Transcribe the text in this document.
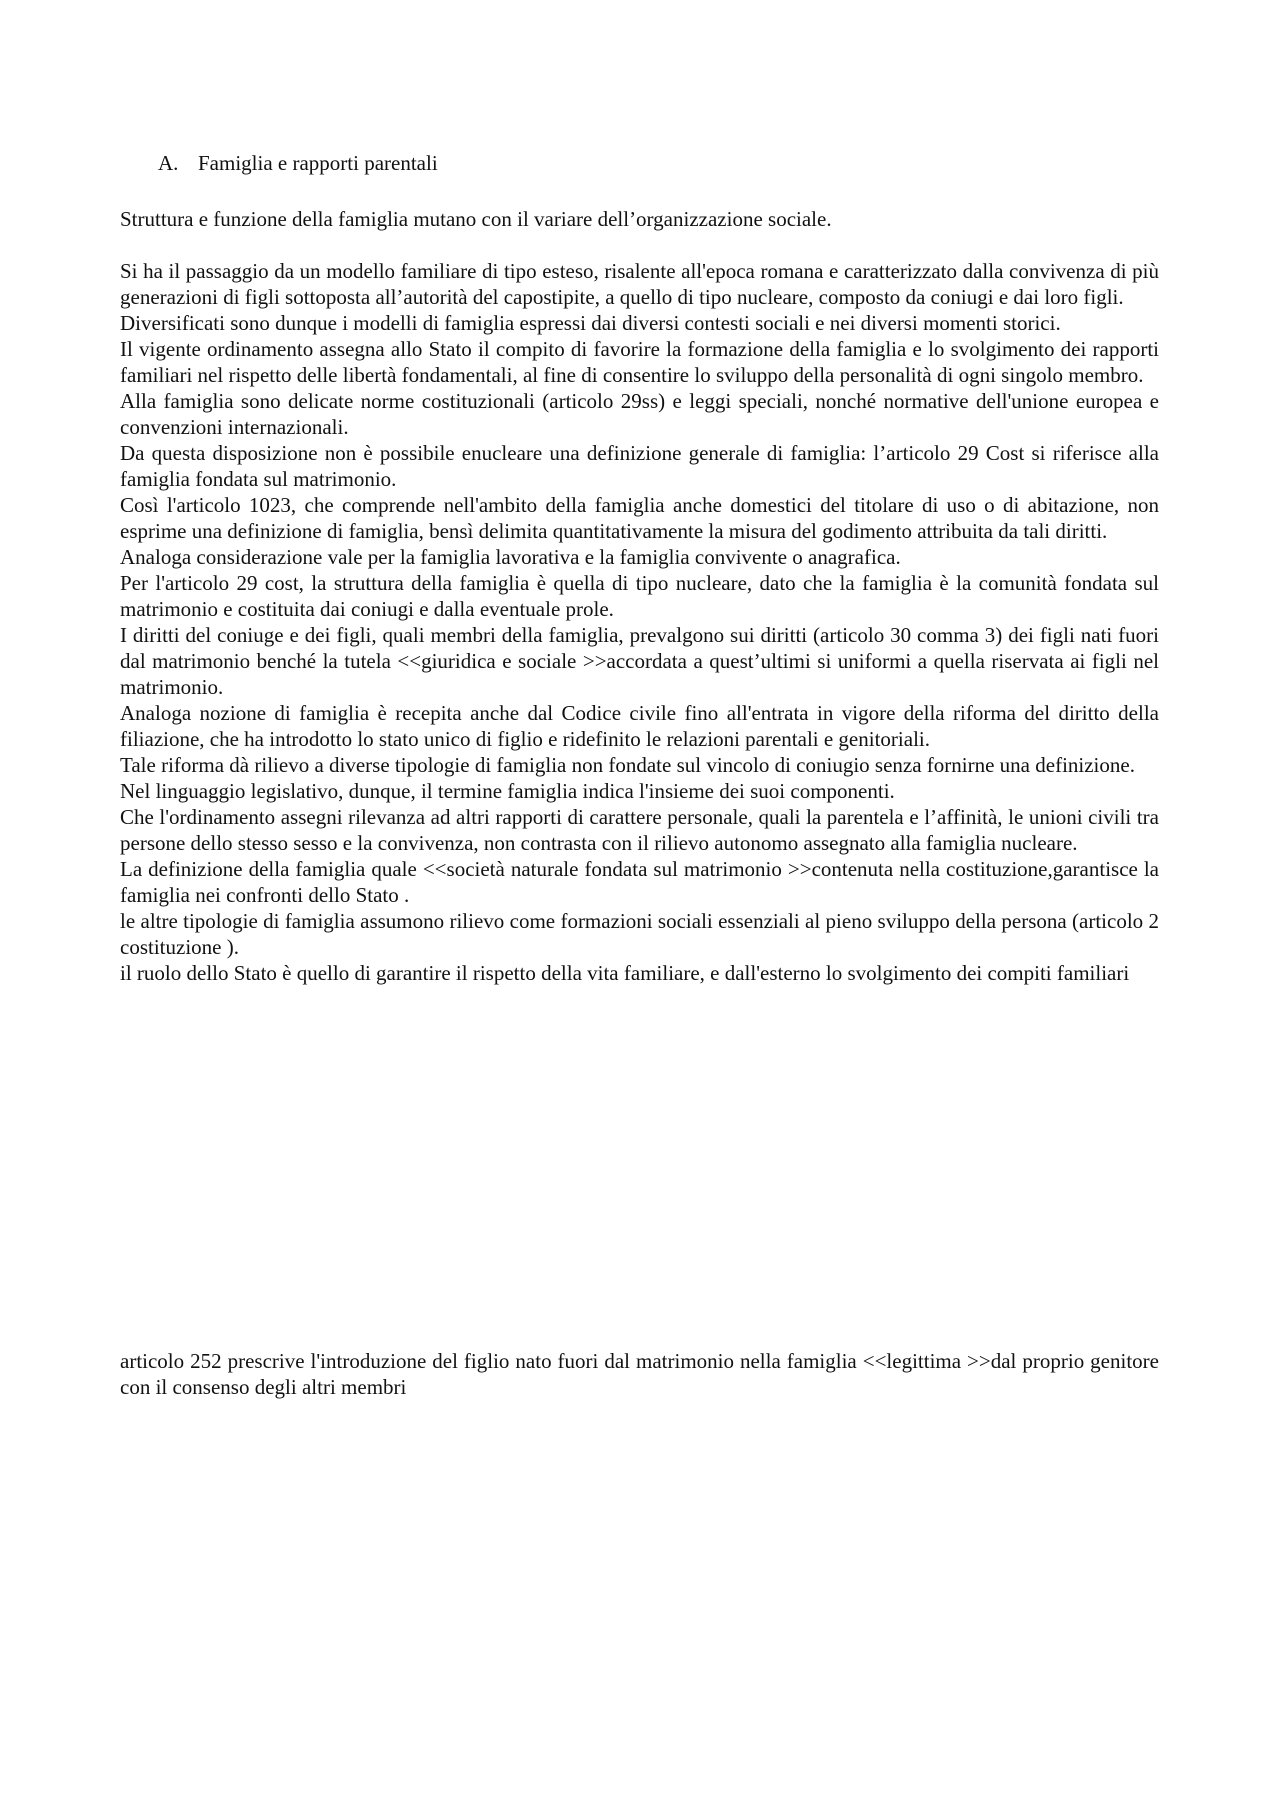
A. Famiglia e rapporti parentali

Struttura e funzione della famiglia mutano con il variare dell’organizzazione sociale.

Si ha il passaggio da un modello familiare di tipo esteso, risalente all'epoca romana e caratterizzato dalla convivenza di più generazioni di figli sottoposta all’autorità del capostipite, a quello di tipo nucleare, composto da coniugi e dai loro figli.

Diversificati sono dunque i modelli di famiglia espressi dai diversi contesti sociali e nei diversi momenti storici.

Il vigente ordinamento assegna allo Stato il compito di favorire la formazione della famiglia e lo svolgimento dei rapporti familiari nel rispetto delle libertà fondamentali, al fine di consentire lo sviluppo della personalità di ogni singolo membro.

Alla famiglia sono delicate norme costituzionali (articolo 29ss) e leggi speciali, nonché normative dell'unione europea e convenzioni internazionali.

Da questa disposizione non è possibile enucleare una definizione generale di famiglia: l’articolo 29 Cost si riferisce alla famiglia fondata sul matrimonio.

Così l'articolo 1023, che comprende nell'ambito della famiglia anche domestici del titolare di uso o di abitazione, non esprime una definizione di famiglia, bensì delimita quantitativamente la misura del godimento attribuita da tali diritti.

Analoga considerazione vale per la famiglia lavorativa e la famiglia convivente o anagrafica.

Per l'articolo 29 cost, la struttura della famiglia è quella di tipo nucleare, dato che la famiglia è la comunità fondata sul matrimonio e costituita dai coniugi e dalla eventuale prole.

I diritti del coniuge e dei figli, quali membri della famiglia, prevalgono sui diritti (articolo 30 comma 3) dei figli nati fuori dal matrimonio benché la tutela <<giuridica e sociale >>accordata a quest’ultimi si uniformi a quella riservata ai figli nel matrimonio.

Analoga nozione di famiglia è recepita anche dal Codice civile fino all'entrata in vigore della riforma del diritto della filiazione, che ha introdotto lo stato unico di figlio e ridefinito le relazioni parentali e genitoriali.

Tale riforma dà rilievo a diverse tipologie di famiglia non fondate sul vincolo di coniugio senza fornirne una definizione.

Nel linguaggio legislativo, dunque, il termine famiglia indica l'insieme dei suoi componenti.

Che l'ordinamento assegni rilevanza ad altri rapporti di carattere personale, quali la parentela e l’affinità, le unioni civili tra persone dello stesso sesso e la convivenza, non contrasta con il rilievo autonomo assegnato alla famiglia nucleare.

La definizione della famiglia quale <<società naturale fondata sul matrimonio >>contenuta nella costituzione,garantisce la famiglia nei confronti dello Stato .

le altre tipologie di famiglia assumono rilievo come formazioni sociali essenziali al pieno sviluppo della persona (articolo 2 costituzione ).

il ruolo dello Stato è quello di garantire il rispetto della vita familiare, e dall'esterno lo svolgimento dei compiti familiari

articolo 252 prescrive l'introduzione del figlio nato fuori dal matrimonio nella famiglia <<legittima >>dal proprio genitore con il consenso degli altri membri
